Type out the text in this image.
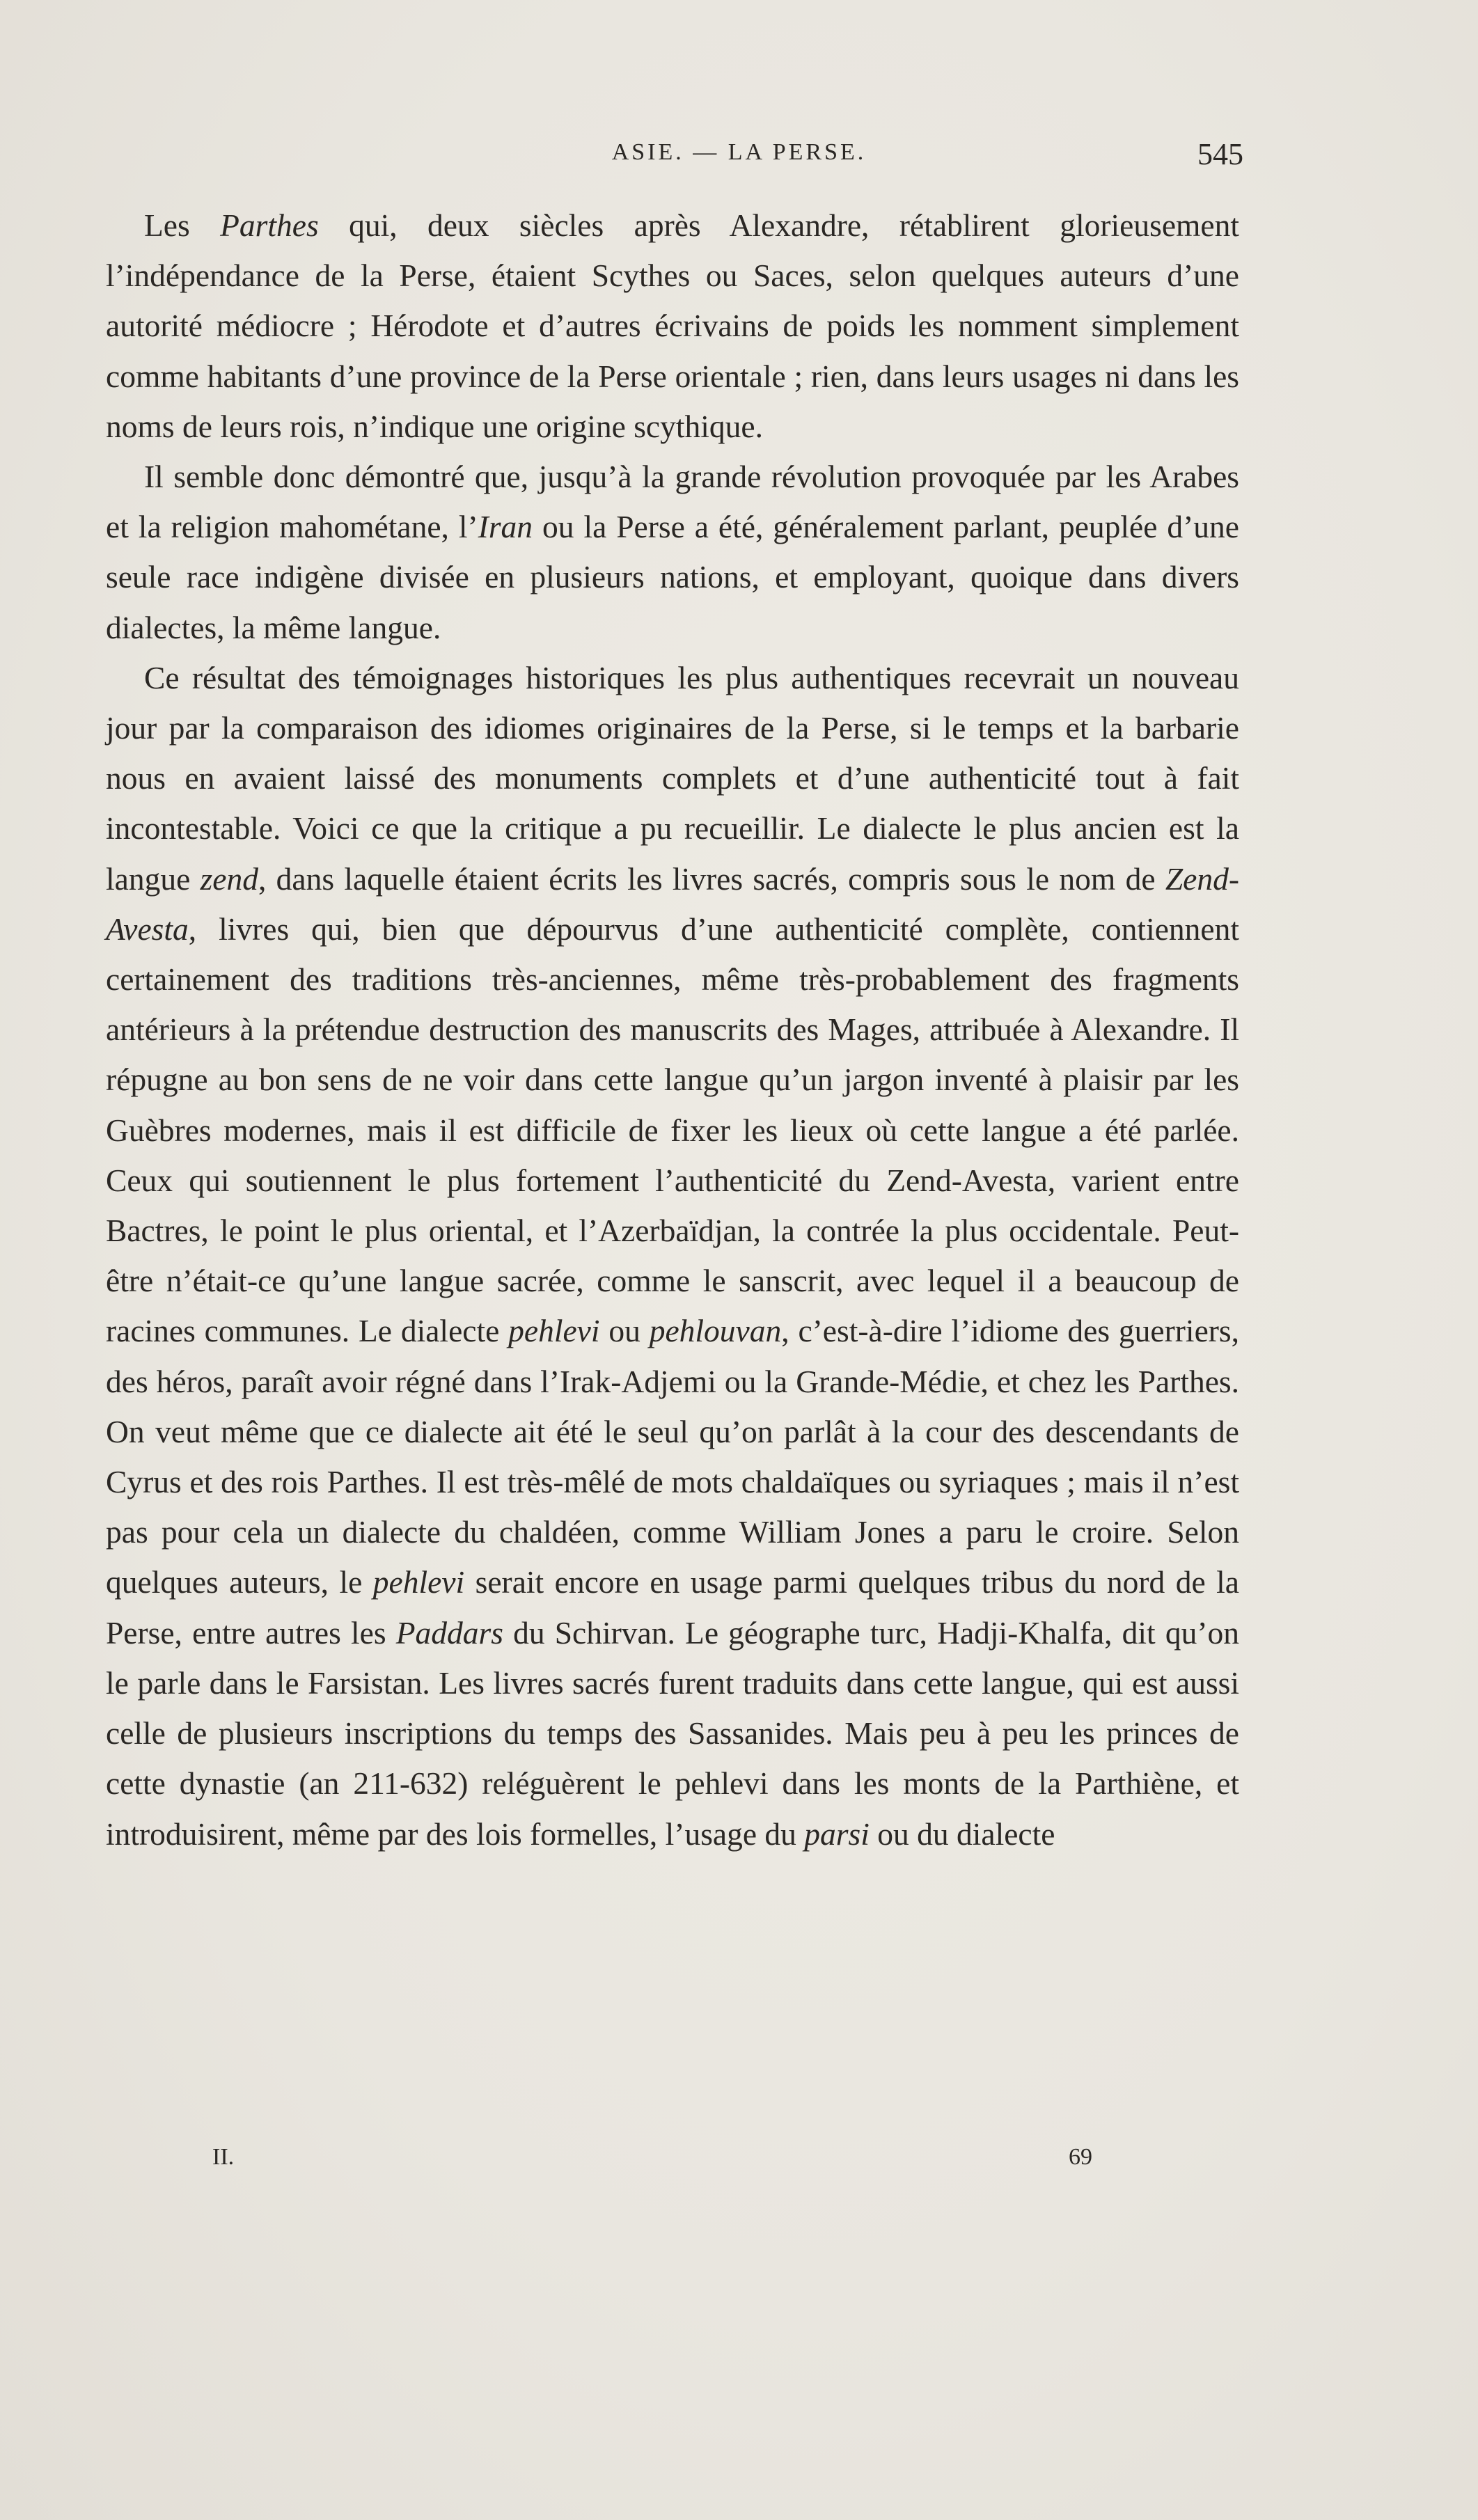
ASIE. — LA PERSE.	545

Les Parthes qui, deux siècles après Alexandre, rétablirent glorieusement l’indépendance de la Perse, étaient Scythes ou Saces, selon quelques auteurs d’une autorité médiocre ; Hérodote et d’autres écrivains de poids les nomment simplement comme habitants d’une province de la Perse orientale ; rien, dans leurs usages ni dans les noms de leurs rois, n’indique une origine scythique.

Il semble donc démontré que, jusqu’à la grande révolution provoquée par les Arabes et la religion mahométane, l’Iran ou la Perse a été, généralement parlant, peuplée d’une seule race indigène divisée en plusieurs nations, et employant, quoique dans divers dialectes, la même langue.

Ce résultat des témoignages historiques les plus authentiques recevrait un nouveau jour par la comparaison des idiomes originaires de la Perse, si le temps et la barbarie nous en avaient laissé des monuments complets et d’une authenticité tout à fait incontestable. Voici ce que la critique a pu recueillir. Le dialecte le plus ancien est la langue zend, dans laquelle étaient écrits les livres sacrés, compris sous le nom de Zend-Avesta, livres qui, bien que dépourvus d’une authenticité complète, contiennent certainement des traditions très-anciennes, même très-probablement des fragments antérieurs à la prétendue destruction des manuscrits des Mages, attribuée à Alexandre. Il répugne au bon sens de ne voir dans cette langue qu’un jargon inventé à plaisir par les Guèbres modernes, mais il est difficile de fixer les lieux où cette langue a été parlée. Ceux qui soutiennent le plus fortement l’authenticité du Zend-Avesta, varient entre Bactres, le point le plus oriental, et l’Azerbaïdjan, la contrée la plus occidentale. Peut-être n’était-ce qu’une langue sacrée, comme le sanscrit, avec lequel il a beaucoup de racines communes. Le dialecte pehlevi ou pehlouvan, c’est-à-dire l’idiome des guerriers, des héros, paraît avoir régné dans l’Irak-Adjemi ou la Grande-Médie, et chez les Parthes. On veut même que ce dialecte ait été le seul qu’on parlât à la cour des descendants de Cyrus et des rois Parthes. Il est très-mêlé de mots chaldaïques ou syriaques ; mais il n’est pas pour cela un dialecte du chaldéen, comme William Jones a paru le croire. Selon quelques auteurs, le pehlevi serait encore en usage parmi quelques tribus du nord de la Perse, entre autres les Paddars du Schirvan. Le géographe turc, Hadji-Khalfa, dit qu’on le parle dans le Farsistan. Les livres sacrés furent traduits dans cette langue, qui est aussi celle de plusieurs inscriptions du temps des Sassanides. Mais peu à peu les princes de cette dynastie (an 211-632) reléguèrent le pehlevi dans les monts de la Parthiène, et introduisirent, même par des lois formelles, l’usage du parsi ou du dialecte

II.	69
